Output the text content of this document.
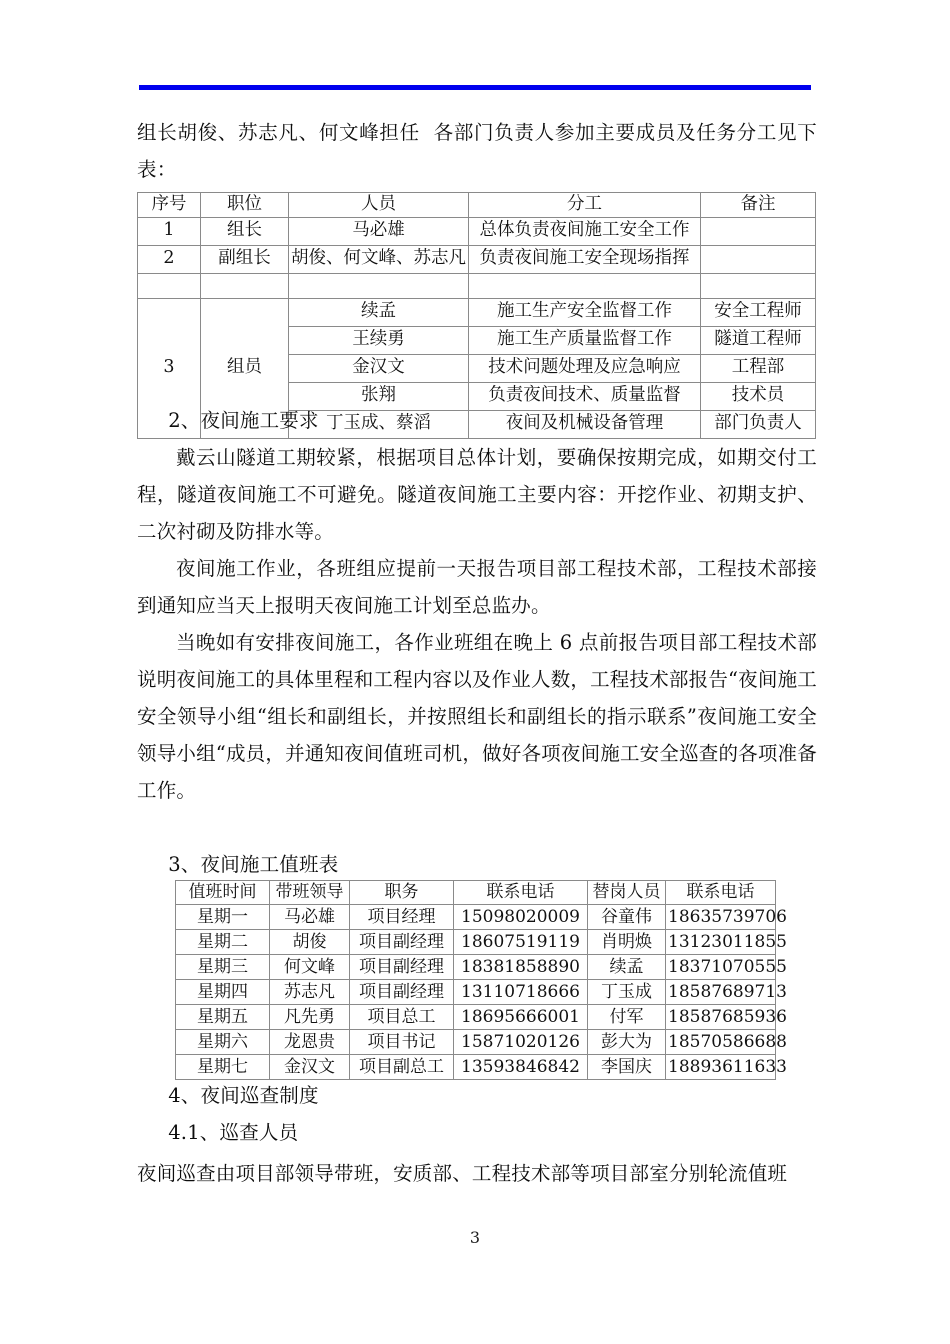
组长胡俊、苏志凡、何文峰担任  各部门负责人参加主要成员及任务分工见下表：
序号	职位	人员	分工	备注
1	组长	马必雄	总体负责夜间施工安全工作	
2	副组长	胡俊、何文峰、苏志凡	负责夜间施工安全现场指挥	

3	组员	续孟	施工生产安全监督工作	安全工程师
		王续勇	施工生产质量监督工作	隧道工程师
		金汉文	技术问题处理及应急响应	工程部
		张翔	负责夜间技术、质量监督	技术员
		丁玉成、蔡滔	夜间及机械设备管理	部门负责人
2、夜间施工要求
戴云山隧道工期较紧，根据项目总体计划，要确保按期完成，如期交付工程，隧道夜间施工不可避免。隧道夜间施工主要内容：开挖作业、初期支护、二次衬砌及防排水等。
夜间施工作业，各班组应提前一天报告项目部工程技术部，工程技术部接到通知应当天上报明天夜间施工计划至总监办。
当晚如有安排夜间施工，各作业班组在晚上 6 点前报告项目部工程技术部说明夜间施工的具体里程和工程内容以及作业人数，工程技术部报告“夜间施工安全领导小组“组长和副组长，并按照组长和副组长的指示联系”夜间施工安全领导小组“成员，并通知夜间值班司机，做好各项夜间施工安全巡查的各项准备工作。
3、夜间施工值班表
值班时间	带班领导	职务	联系电话	替岗人员	联系电话
星期一	马必雄	项目经理	15098020009	谷童伟	18635739706
星期二	胡俊	项目副经理	18607519119	肖明焕	13123011855
星期三	何文峰	项目副经理	18381858890	续孟	18371070555
星期四	苏志凡	项目副经理	13110718666	丁玉成	18587689713
星期五	凡先勇	项目总工	18695666001	付军	18587685936
星期六	龙恩贵	项目书记	15871020126	彭大为	18570586688
星期七	金汉文	项目副总工	13593846842	李国庆	18893611633
4、夜间巡查制度
4.1、巡查人员
夜间巡查由项目部领导带班，安质部、工程技术部等项目部室分别轮流值班
3
